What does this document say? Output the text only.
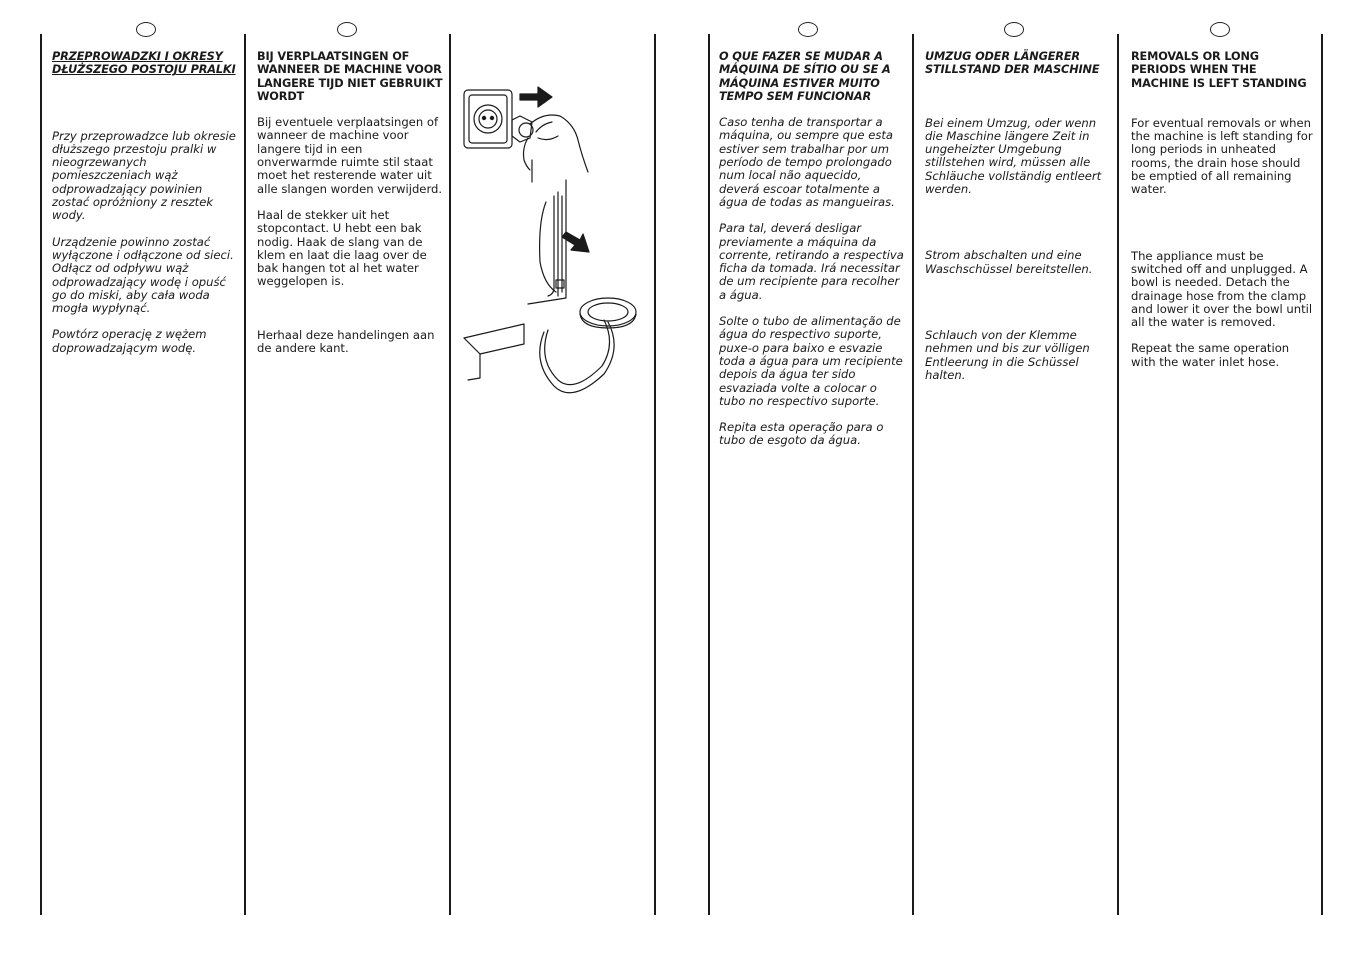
PRZEPROWADZKI I OKRESY DŁUŻSZEGO POSTOJU PRALKI

Przy przeprowadzce lub okresie dłuższego przestoju pralki w nieogrzewanych pomieszczeniach wąż odprowadzający powinien zostać opróżniony z resztek wody.

Urządzenie powinno zostać wyłączone i odłączone od sieci.

Odłącz od odpływu wąż odprowadzający wodę i opuść go do miski, aby cała woda mogła wypłynąć.

Powtórz operację z wężem doprowadzającym wodę.

BIJ VERPLAATSINGEN OF WANNEER DE MACHINE VOOR LANGERE TIJD NIET GEBRUIKT WORDT

Bij eventuele verplaatsingen of wanneer de machine voor langere tijd in een onverwarmde ruimte stil staat moet het resterende water uit alle slangen worden verwijderd.

Haal de stekker uit het stopcontact. U hebt een bak nodig. Haak de slang van de klem en laat die laag over de bak hangen tot al het water weggelopen is.

Herhaal deze handelingen aan de andere kant.

O QUE FAZER SE MUDAR A MÁQUINA DE SÍTIO OU SE A MÁQUINA ESTIVER MUITO TEMPO SEM FUNCIONAR

Caso tenha de transportar a máquina, ou sempre que esta estiver sem trabalhar por um período de tempo prolongado num local não aquecido, deverá escoar totalmente a água de todas as mangueiras.

Para tal, deverá desligar previamente a máquina da corrente, retirando a respectiva ficha da tomada. Irá necessitar de um recipiente para recolher a água.

Solte o tubo de alimentação de água do respectivo suporte, puxe-o para baixo e esvazie toda a água para um recipiente depois da água ter sido esvaziada volte a colocar o tubo no respectivo suporte.

Repita esta operação para o tubo de esgoto da água.

UMZUG ODER LÄNGERER STILLSTAND DER MASCHINE

Bei einem Umzug, oder wenn die Maschine längere Zeit in ungeheizter Umgebung stillstehen wird, müssen alle Schläuche vollständig entleert werden.

Strom abschalten und eine Waschschüssel bereitstellen.

Schlauch von der Klemme nehmen und bis zur völligen Entleerung in die Schüssel halten.

REMOVALS OR LONG PERIODS WHEN THE MACHINE IS LEFT STANDING

For eventual removals or when the machine is left standing for long periods in unheated rooms, the drain hose should be emptied of all remaining water.

The appliance must be switched off and unplugged. A bowl is needed. Detach the drainage hose from the clamp and lower it over the bowl until all the water is removed.

Repeat the same operation with the water inlet hose.
